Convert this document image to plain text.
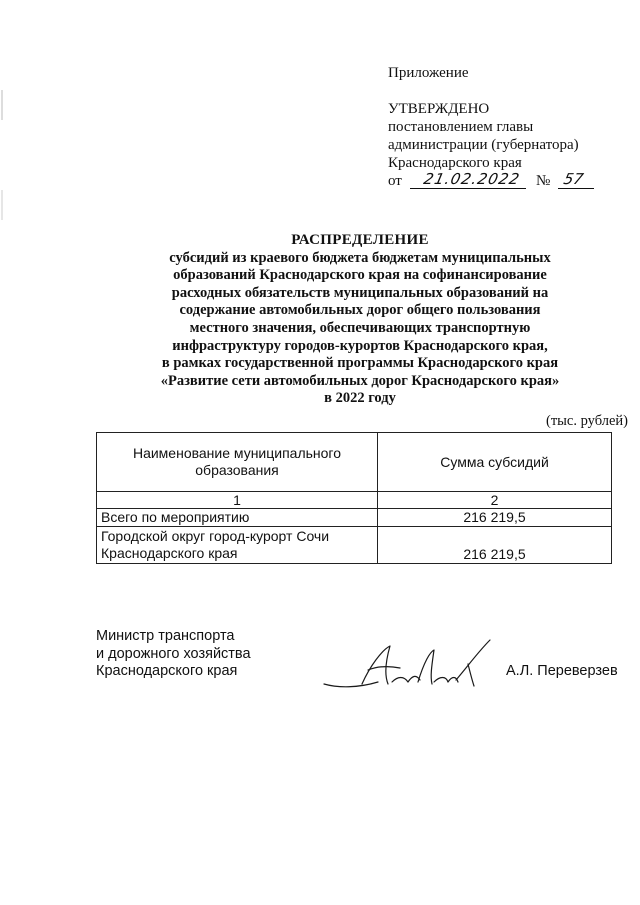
Приложение
УТВЕРЖДЕНО
постановлением главы
администрации (губернатора)
Краснодарского края
от 21.02.2022 № 57
РАСПРЕДЕЛЕНИЕ
субсидий из краевого бюджета бюджетам муниципальных
образований Краснодарского края на софинансирование
расходных обязательств муниципальных образований на
содержание автомобильных дорог общего пользования
местного значения, обеспечивающих транспортную
инфраструктуру городов-курортов Краснодарского края,
в рамках государственной программы Краснодарского края
«Развитие сети автомобильных дорог Краснодарского края»
в 2022 году
(тыс. рублей)
Наименование муниципального образования	Сумма субсидий
1	2
Всего по мероприятию	216 219,5
Городской округ город-курорт Сочи Краснодарского края	216 219,5
Министр транспорта
и дорожного хозяйства
Краснодарского края	А.Л. Переверзев
